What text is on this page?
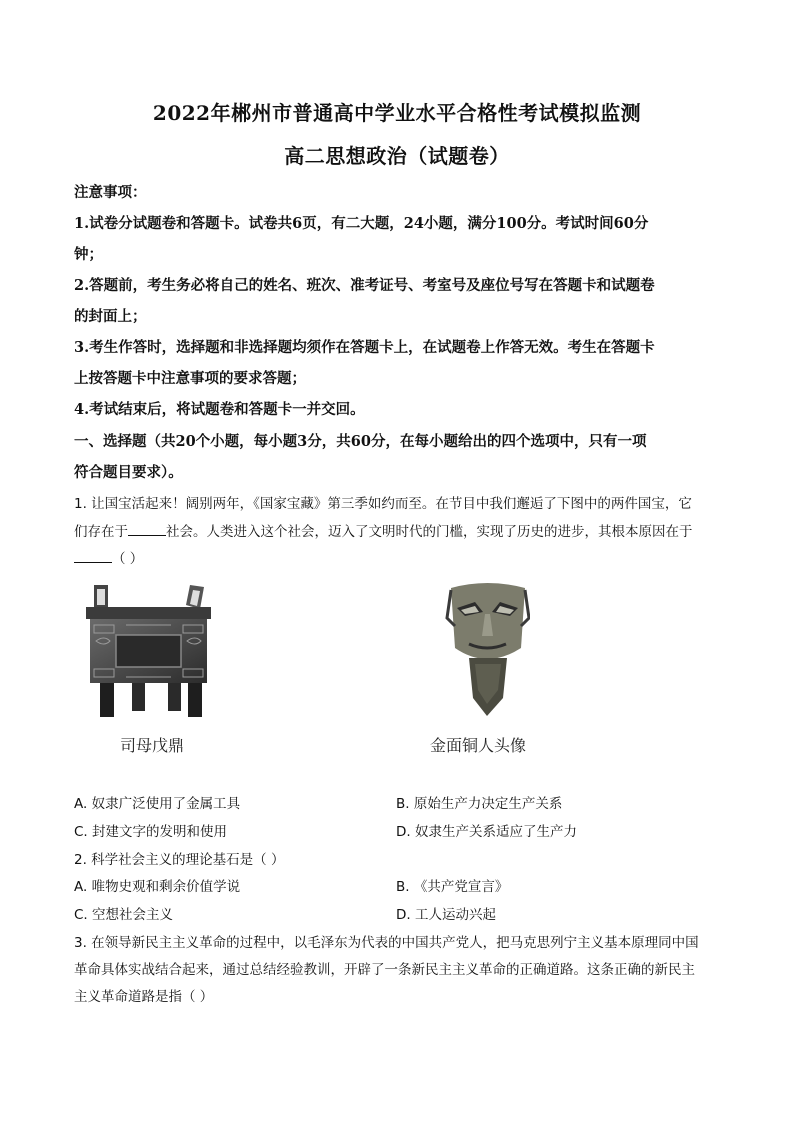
2022年郴州市普通高中学业水平合格性考试模拟监测
高二思想政治（试题卷）
注意事项：
1.试卷分试题卷和答题卡。试卷共6页，有二大题，24小题，满分100分。考试时间60分
钟；
2.答题前，考生务必将自己的姓名、班次、准考证号、考室号及座位号写在答题卡和试题卷
的封面上；
3.考生作答时，选择题和非选择题均须作在答题卡上，在试题卷上作答无效。考生在答题卡
上按答题卡中注意事项的要求答题；
4.考试结束后，将试题卷和答题卡一并交回。
一、选择题（共20个小题，每小题3分，共60分，在每小题给出的四个选项中，只有一项
符合题目要求）。
1. 让国宝活起来！阔别两年，《国家宝藏》第三季如约而至。在节目中我们邂逅了下图中的两件国宝，它
们存在于	社会。人类进入这个社会，迈入了文明时代的门槛，实现了历史的进步，其根本原因在于
（ ）
司母戊鼎	金面铜人头像
A. 奴隶广泛使用了金属工具	B. 原始生产力决定生产关系
C. 封建文字的发明和使用	D. 奴隶生产关系适应了生产力
2. 科学社会主义的理论基石是（ ）
A. 唯物史观和剩余价值学说	B. 《共产党宣言》
C. 空想社会主义	D. 工人运动兴起
3. 在领导新民主主义革命的过程中，以毛泽东为代表的中国共产党人，把马克思列宁主义基本原理同中国
革命具体实战结合起来，通过总结经验教训，开辟了一条新民主主义革命的正确道路。这条正确的新民主
主义革命道路是指（ ）
